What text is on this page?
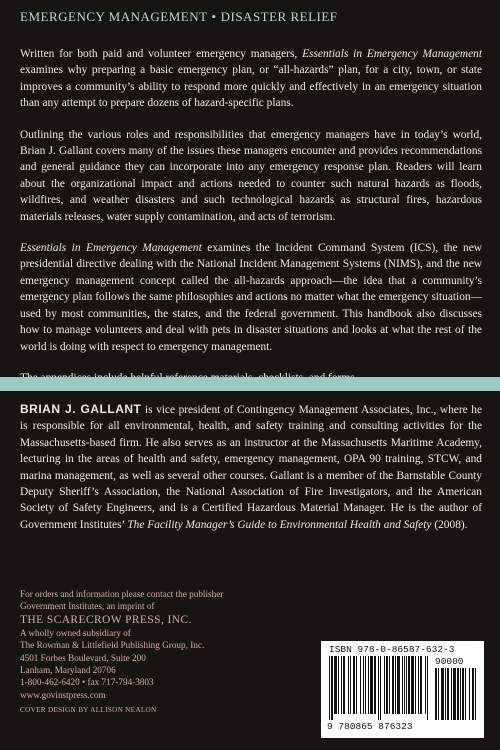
EMERGENCY MANAGEMENT • DISASTER RELIEF

Written for both paid and volunteer emergency managers, Essentials in Emergency Management examines why preparing a basic emergency plan, or “all-hazards” plan, for a city, town, or state improves a community’s ability to respond more quickly and effectively in an emergency situation than any attempt to prepare dozens of hazard-specific plans.

Outlining the various roles and responsibilities that emergency managers have in today’s world, Brian J. Gallant covers many of the issues these managers encounter and provides recommendations and general guidance they can incorporate into any emergency response plan. Readers will learn about the organizational impact and actions needed to counter such natural hazards as floods, wildfires, and weather disasters and such technological hazards as structural fires, hazardous materials releases, water supply contamination, and acts of terrorism.

Essentials in Emergency Management examines the Incident Command System (ICS), the new presidential directive dealing with the National Incident Management Systems (NIMS), and the new emergency management concept called the all-hazards approach—the idea that a community’s emergency plan follows the same philosophies and actions no matter what the emergency situation—used by most communities, the states, and the federal government. This handbook also discusses how to manage volunteers and deal with pets in disaster situations and looks at what the rest of the world is doing with respect to emergency management.

BRIAN J. GALLANT is vice president of Contingency Management Associates, Inc., where he is responsible for all environmental, health, and safety training and consulting activities for the Massachusetts-based firm. He also serves as an instructor at the Massachusetts Maritime Academy, lecturing in the areas of health and safety, emergency management, OPA 90 training, STCW, and marina management, as well as several other courses. Gallant is a member of the Barnstable County Deputy Sheriff’s Association, the National Association of Fire Investigators, and the American Society of Safety Engineers, and is a Certified Hazardous Material Manager. He is the author of Government Institutes’ The Facility Manager’s Guide to Environmental Health and Safety (2008).
For orders and information please contact the publisher
Government Institutes, an imprint of
THE SCARECROW PRESS, INC.
A wholly owned subsidiary of
The Rowman & Littlefield Publishing Group, Inc.
4501 Forbes Boulevard, Suite 200
Lanham, Maryland 20706
1-800-462-6420 • fax 717-794-3803
www.govinstpress.com
COVER DESIGN BY ALLISON NEALON
ISBN 978-0-86587-632-3
90000
9 780865 876323
